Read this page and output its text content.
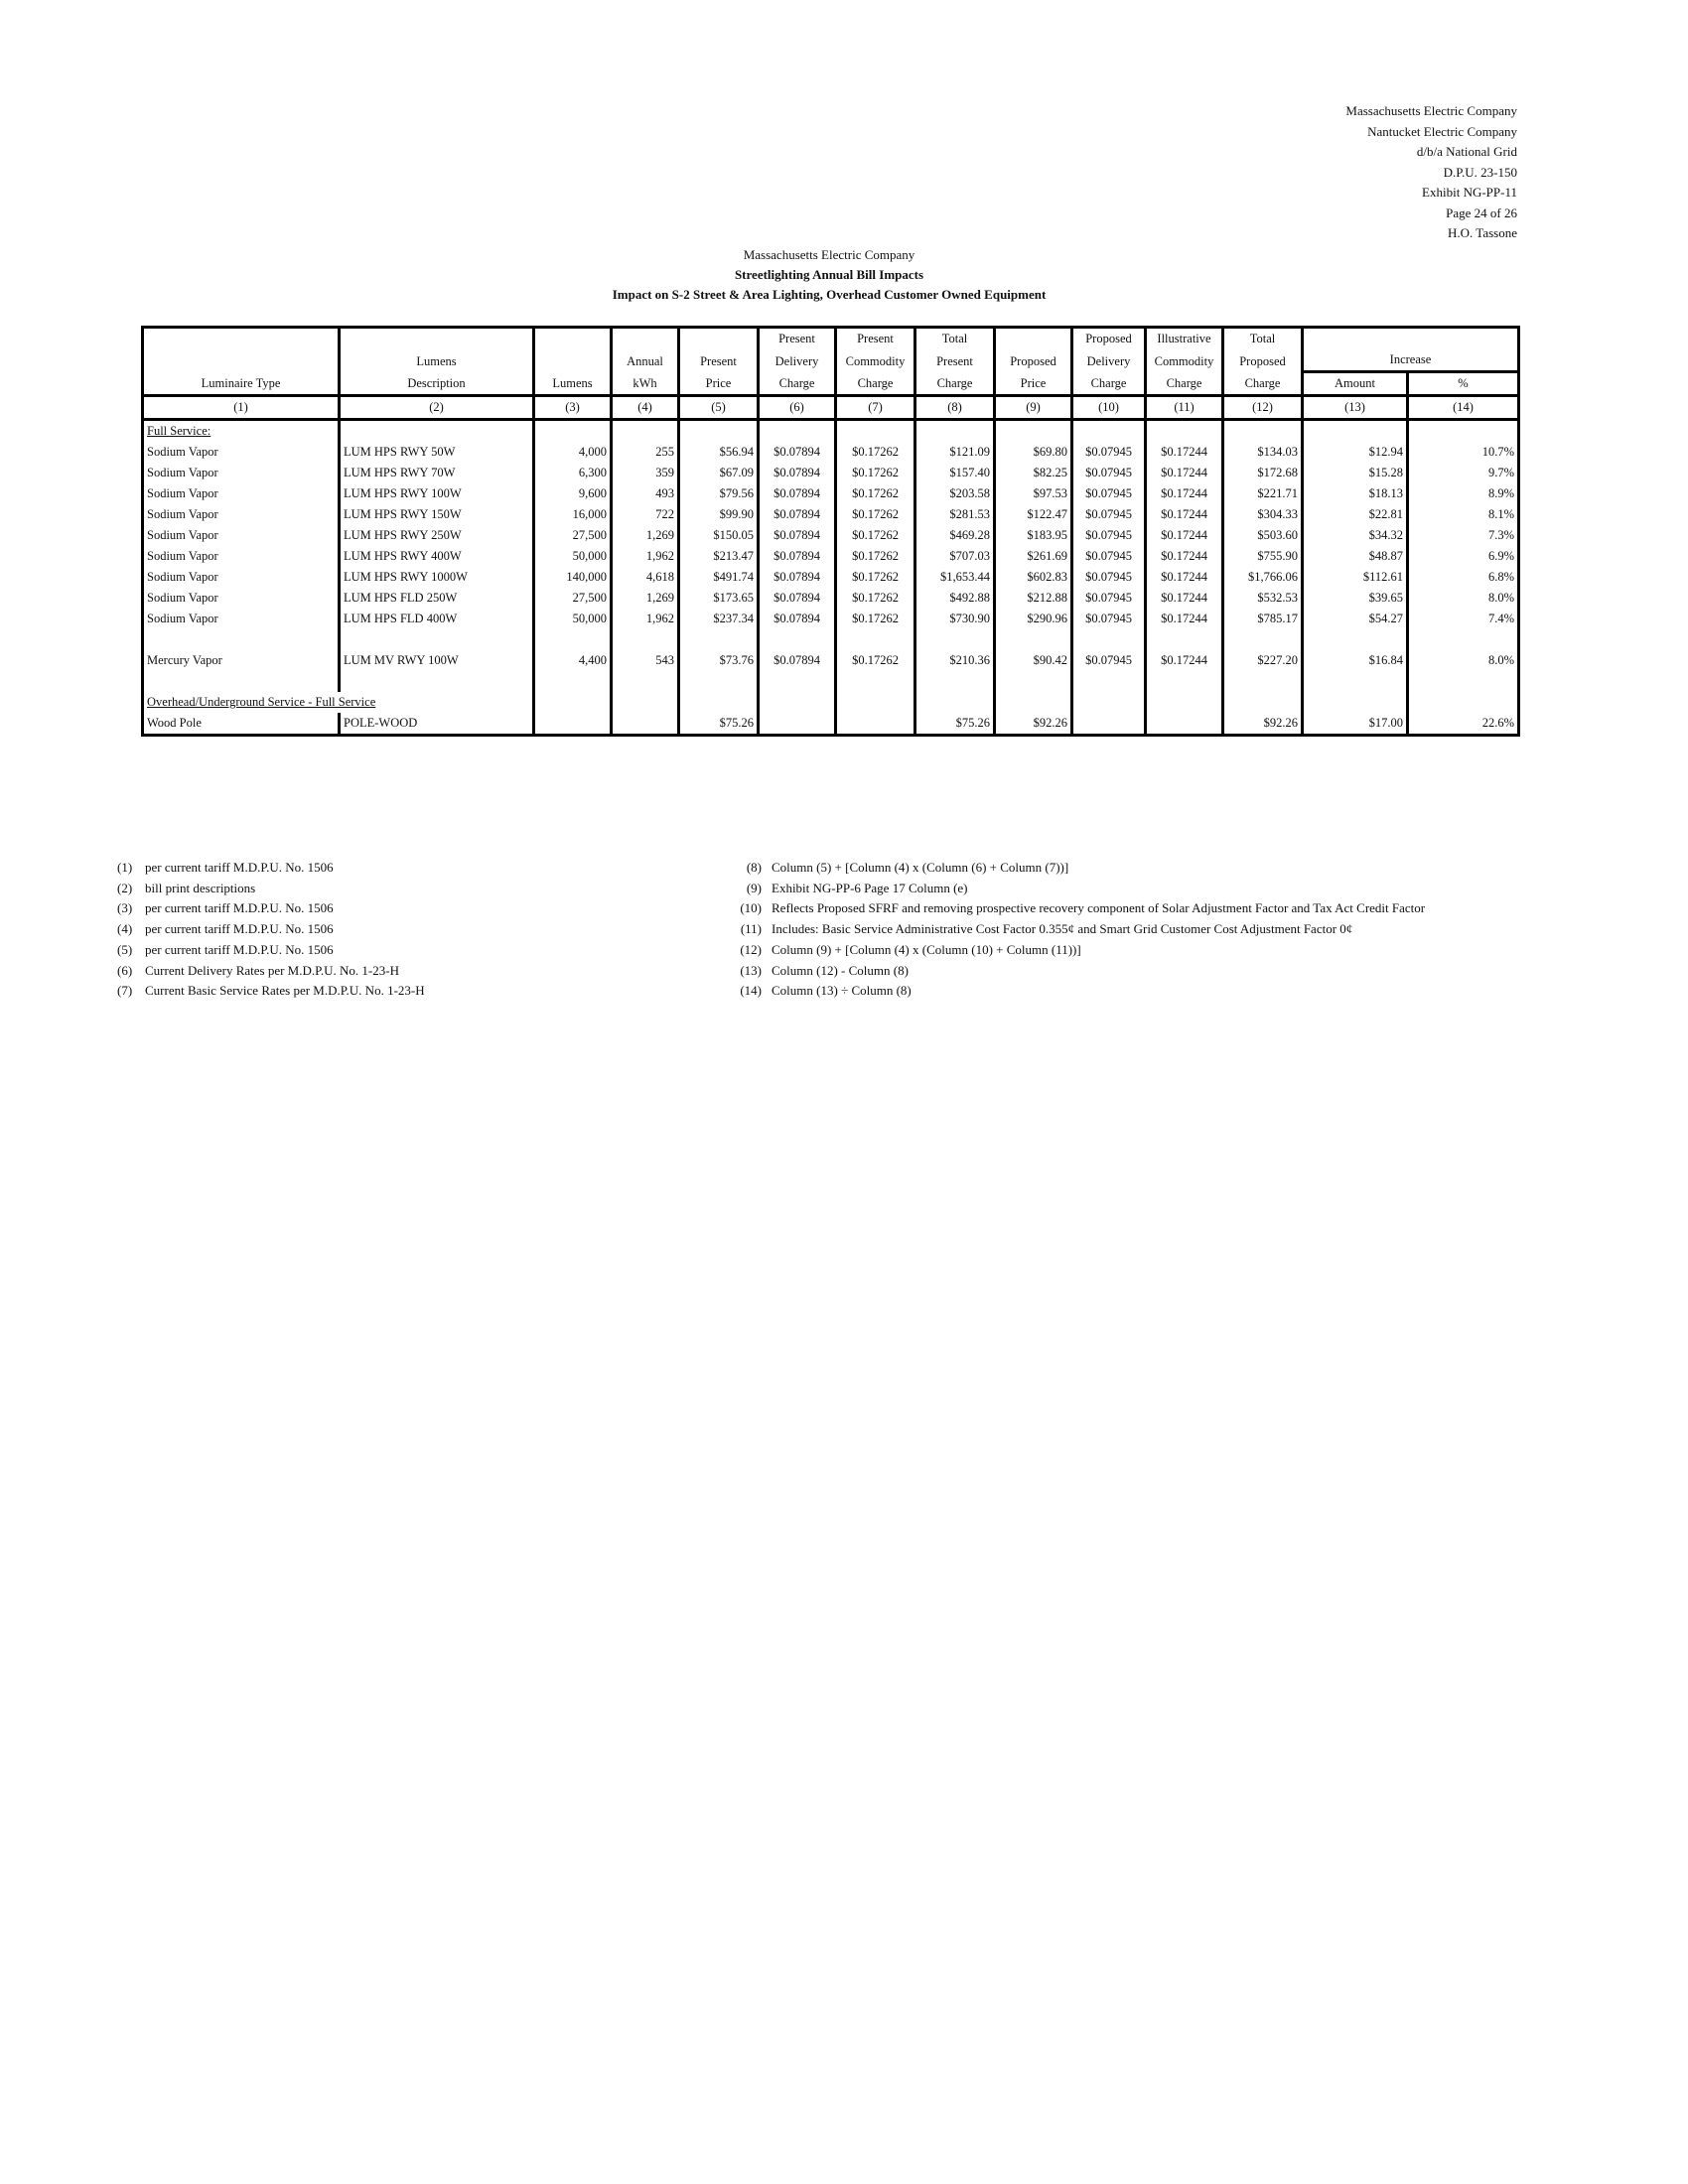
Massachusetts Electric Company
Nantucket Electric Company
d/b/a National Grid
D.P.U. 23-150
Exhibit NG-PP-11
Page 24 of 26
H.O. Tassone
Massachusetts Electric Company
Streetlighting Annual Bill Impacts
Impact on S-2 Street & Area Lighting, Overhead Customer Owned Equipment
					Present	Present	Total		Proposed	Illustrative	Total		
	Lumens		Annual	Present	Delivery	Commodity	Present	Proposed	Delivery	Commodity	Proposed	Increase	
Luminaire Type	Description	Lumens	kWh	Price	Charge	Charge	Charge	Price	Charge	Charge	Charge	Amount	%
(1)	(2)	(3)	(4)	(5)	(6)	(7)	(8)	(9)	(10)	(11)	(12)	(13)	(14)
Full Service:													
Sodium Vapor	LUM HPS RWY 50W	4,000	255	$56.94	$0.07894	$0.17262	$121.09	$69.80	$0.07945	$0.17244	$134.03	$12.94	10.7%
Sodium Vapor	LUM HPS RWY 70W	6,300	359	$67.09	$0.07894	$0.17262	$157.40	$82.25	$0.07945	$0.17244	$172.68	$15.28	9.7%
Sodium Vapor	LUM HPS RWY 100W	9,600	493	$79.56	$0.07894	$0.17262	$203.58	$97.53	$0.07945	$0.17244	$221.71	$18.13	8.9%
Sodium Vapor	LUM HPS RWY 150W	16,000	722	$99.90	$0.07894	$0.17262	$281.53	$122.47	$0.07945	$0.17244	$304.33	$22.81	8.1%
Sodium Vapor	LUM HPS RWY 250W	27,500	1,269	$150.05	$0.07894	$0.17262	$469.28	$183.95	$0.07945	$0.17244	$503.60	$34.32	7.3%
Sodium Vapor	LUM HPS RWY 400W	50,000	1,962	$213.47	$0.07894	$0.17262	$707.03	$261.69	$0.07945	$0.17244	$755.90	$48.87	6.9%
Sodium Vapor	LUM HPS RWY 1000W	140,000	4,618	$491.74	$0.07894	$0.17262	$1,653.44	$602.83	$0.07945	$0.17244	$1,766.06	$112.61	6.8%
Sodium Vapor	LUM HPS FLD 250W	27,500	1,269	$173.65	$0.07894	$0.17262	$492.88	$212.88	$0.07945	$0.17244	$532.53	$39.65	8.0%
Sodium Vapor	LUM HPS FLD 400W	50,000	1,962	$237.34	$0.07894	$0.17262	$730.90	$290.96	$0.07945	$0.17244	$785.17	$54.27	7.4%

Mercury Vapor	LUM MV RWY 100W	4,400	543	$73.76	$0.07894	$0.17262	$210.36	$90.42	$0.07945	$0.17244	$227.20	$16.84	8.0%

Overhead/Underground Service - Full Service													
Wood Pole	POLE-WOOD			$75.26			$75.26	$92.26			$92.26	$17.00	22.6%
(1) per current tariff M.D.P.U. No. 1506
(2) bill print descriptions
(3) per current tariff M.D.P.U. No. 1506
(4) per current tariff M.D.P.U. No. 1506
(5) per current tariff M.D.P.U. No. 1506
(6) Current Delivery Rates per M.D.P.U. No. 1-23-H
(7) Current Basic Service Rates per M.D.P.U. No. 1-23-H
(8) Column (5) + [Column (4) x (Column (6) + Column (7))]
(9) Exhibit NG-PP-6 Page 17 Column (e)
(10) Reflects Proposed SFRF and removing prospective recovery component of Solar Adjustment Factor and Tax Act Credit Factor
(11) Includes: Basic Service Administrative Cost Factor 0.355¢ and Smart Grid Customer Cost Adjustment Factor 0¢
(12) Column (9) + [Column (4) x (Column (10) + Column (11))]
(13) Column (12) - Column (8)
(14) Column (13) ÷ Column (8)
